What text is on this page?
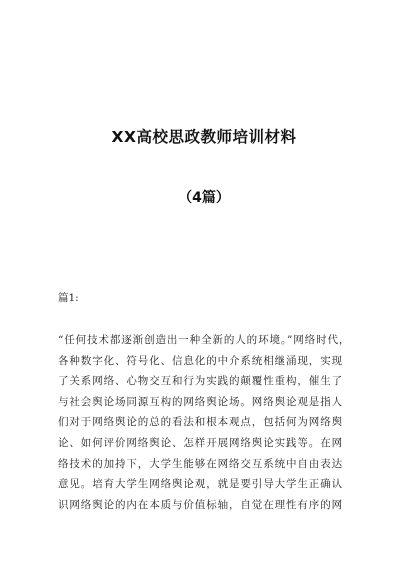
XX高校思政教师培训材料
（4篇）
篇1:
“任何技术都逐渐创造出一种全新的人的环境。”网络时代，
各种数字化、符号化、信息化的中介系统相继涌现，实现
了关系网络、心物交互和行为实践的颠覆性重构，催生了
与社会舆论场同源互构的网络舆论场。网络舆论观是指人
们对于网络舆论的总的看法和根本观点，包括何为网络舆
论、如何评价网络舆论、怎样开展网络舆论实践等。在网
络技术的加持下，大学生能够在网络交互系统中自由表达
意见。培育大学生网络舆论观，就是要引导大学生正确认
识网络舆论的内在本质与价值标轴，自觉在理性有序的网
